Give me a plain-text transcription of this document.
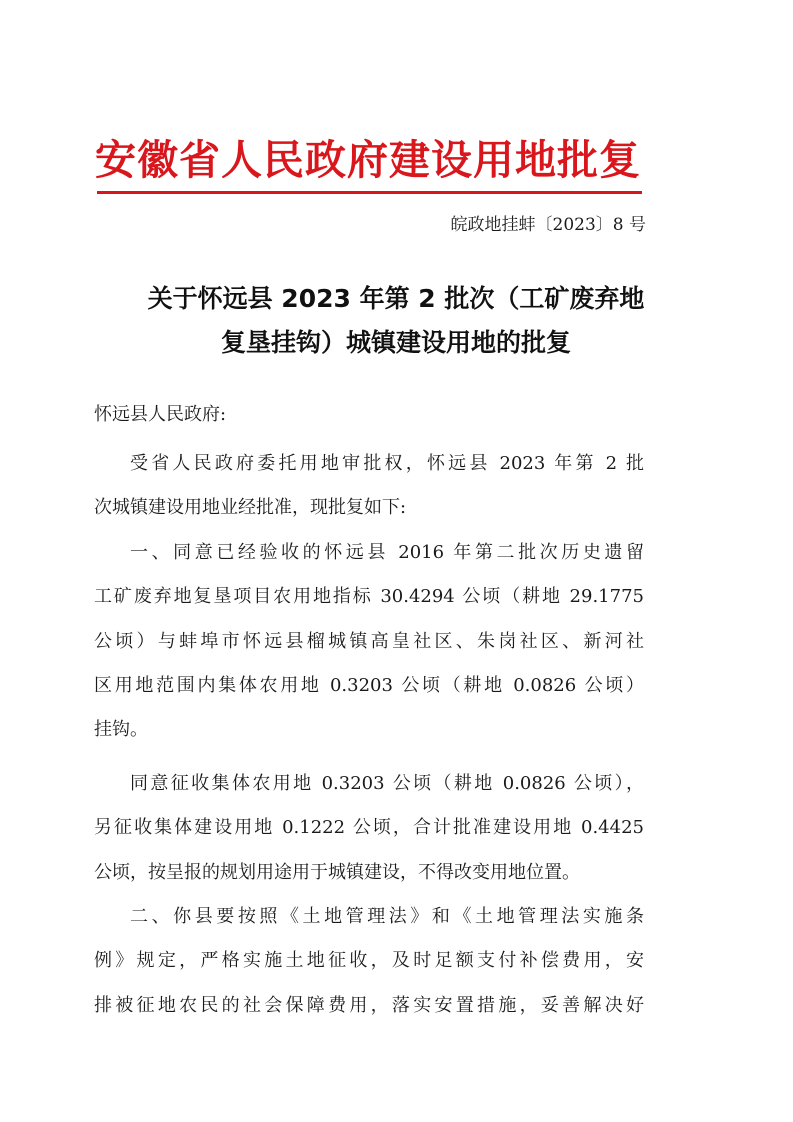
安徽省人民政府建设用地批复
皖政地挂蚌〔2023〕8 号
关于怀远县 2023 年第 2 批次（工矿废弃地
复垦挂钩）城镇建设用地的批复
怀远县人民政府:
受省人民政府委托用地审批权，怀远县 2023 年第 2 批
次城镇建设用地业经批准，现批复如下:
一、同意已经验收的怀远县 2016 年第二批次历史遗留
工矿废弃地复垦项目农用地指标 30.4294 公顷（耕地 29.1775
公顷）与蚌埠市怀远县榴城镇高皇社区、朱岗社区、新河社
区用地范围内集体农用地 0.3203 公顷（耕地 0.0826 公顷）
挂钩。
同意征收集体农用地 0.3203 公顷（耕地 0.0826 公顷），
另征收集体建设用地 0.1222 公顷，合计批准建设用地 0.4425
公顷，按呈报的规划用途用于城镇建设，不得改变用地位置。
二、你县要按照《土地管理法》和《土地管理法实施条
例》规定，严格实施土地征收，及时足额支付补偿费用，安
排被征地农民的社会保障费用，落实安置措施，妥善解决好
